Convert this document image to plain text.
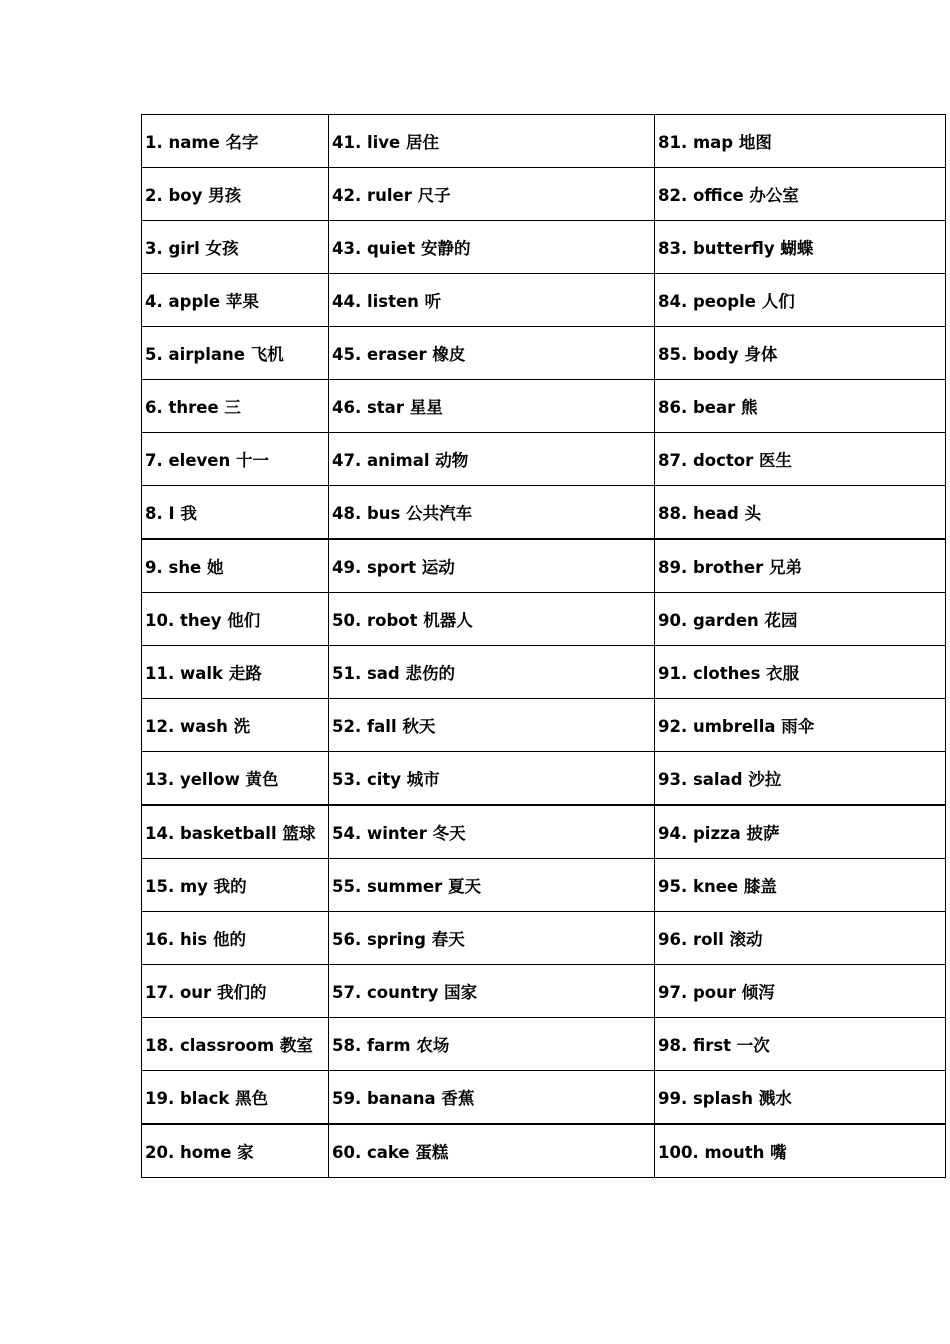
1. name 名字	41. live 居住	81. map 地图
2. boy 男孩	42. ruler 尺子	82. office 办公室
3. girl 女孩	43. quiet 安静的	83. butterfly 蝴蝶
4. apple 苹果	44. listen 听	84. people 人们
5. airplane 飞机	45. eraser 橡皮	85. body 身体
6. three 三	46. star 星星	86. bear 熊
7. eleven 十一	47. animal 动物	87. doctor 医生
8. I 我	48. bus 公共汽车	88. head 头
9. she 她	49. sport 运动	89. brother 兄弟
10. they 他们	50. robot 机器人	90. garden 花园
11. walk 走路	51. sad 悲伤的	91. clothes 衣服
12. wash 洗	52. fall 秋天	92. umbrella 雨伞
13. yellow 黄色	53. city 城市	93. salad 沙拉
14. basketball 篮球	54. winter 冬天	94. pizza 披萨
15. my 我的	55. summer 夏天	95. knee 膝盖
16. his 他的	56. spring 春天	96. roll 滚动
17. our 我们的	57. country 国家	97. pour 倾泻
18. classroom 教室	58. farm 农场	98. first 一次
19. black 黑色	59. banana 香蕉	99. splash 溅水
20. home 家	60. cake 蛋糕	100. mouth 嘴
